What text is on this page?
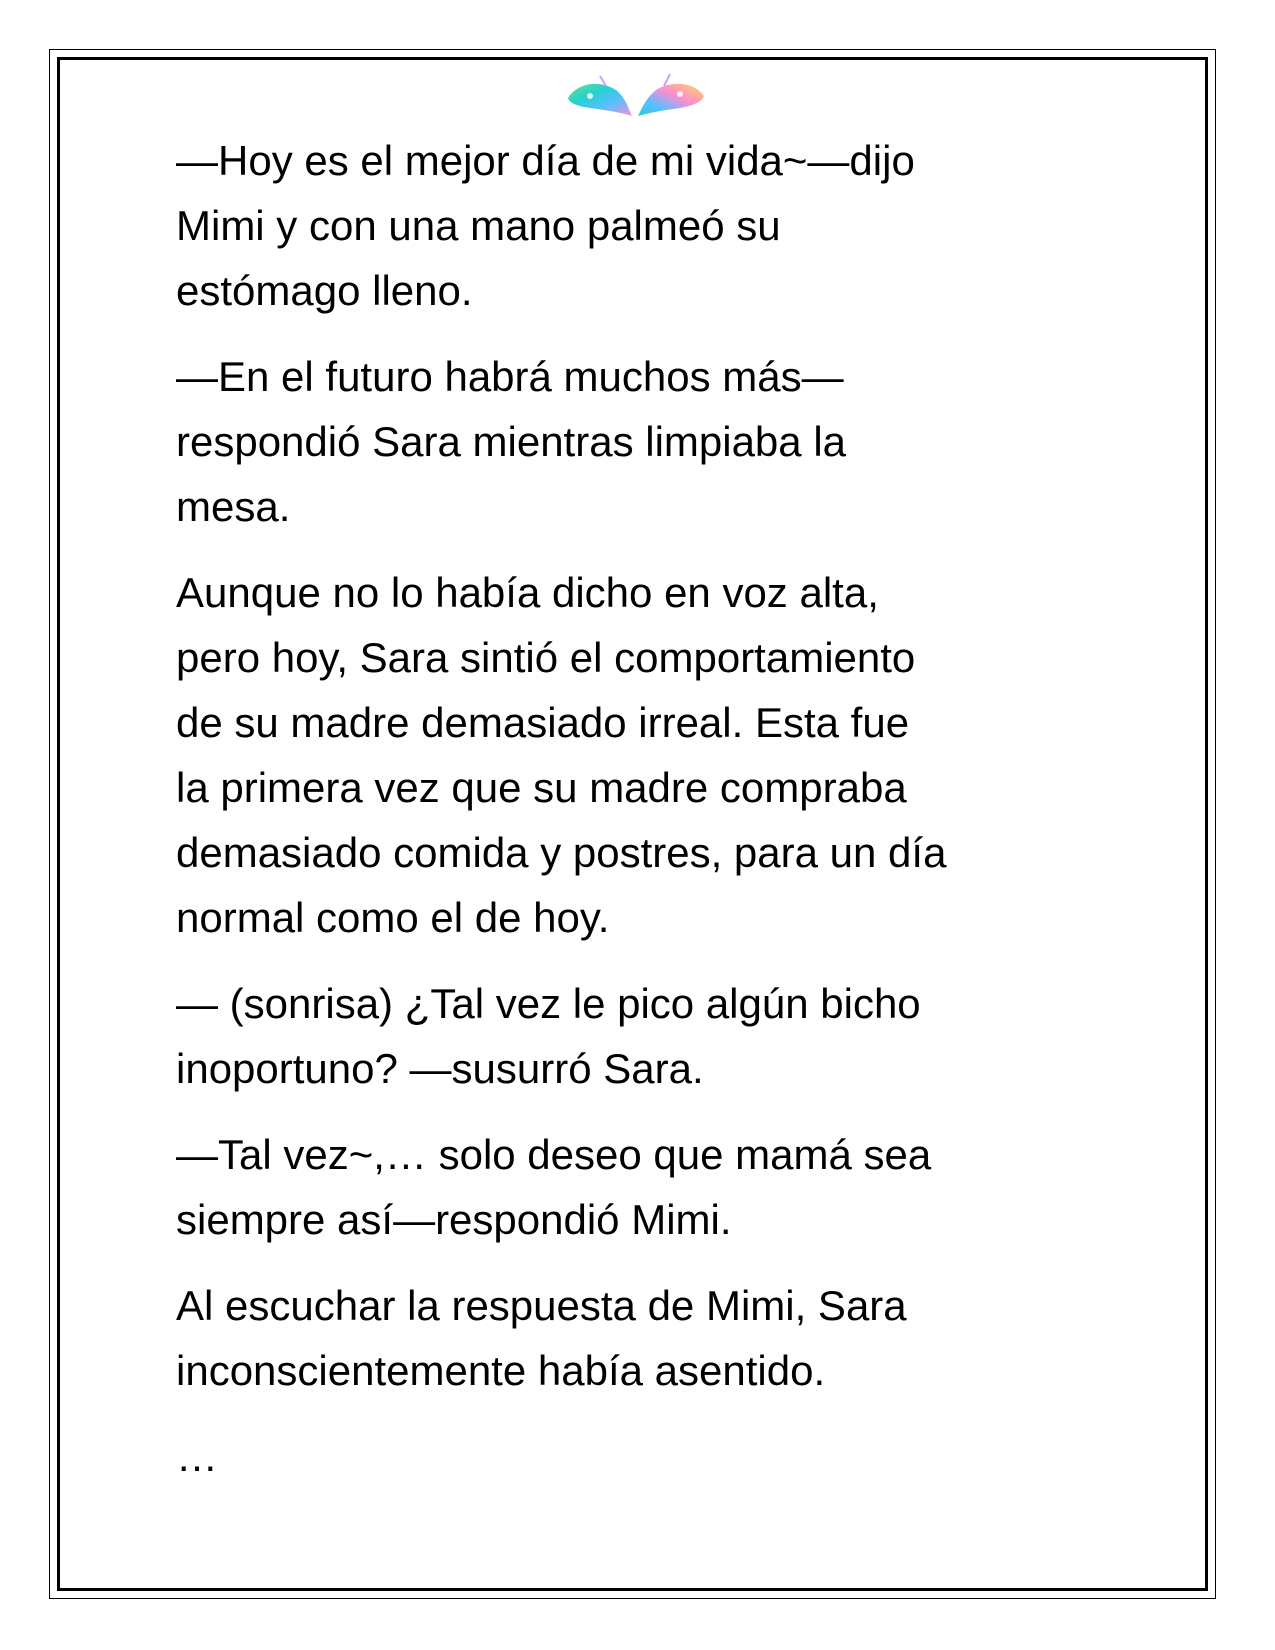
—Hoy es el mejor día de mi vida~—dijo
Mimi y con una mano palmeó su
estómago lleno.

—En el futuro habrá muchos más—
respondió Sara mientras limpiaba la
mesa.

Aunque no lo había dicho en voz alta,
pero hoy, Sara sintió el comportamiento
de su madre demasiado irreal. Esta fue
la primera vez que su madre compraba
demasiado comida y postres, para un día
normal como el de hoy.

— (sonrisa) ¿Tal vez le pico algún bicho
inoportuno? —susurró Sara.

—Tal vez~,… solo deseo que mamá sea
siempre así—respondió Mimi.

Al escuchar la respuesta de Mimi, Sara
inconscientemente había asentido.

…
